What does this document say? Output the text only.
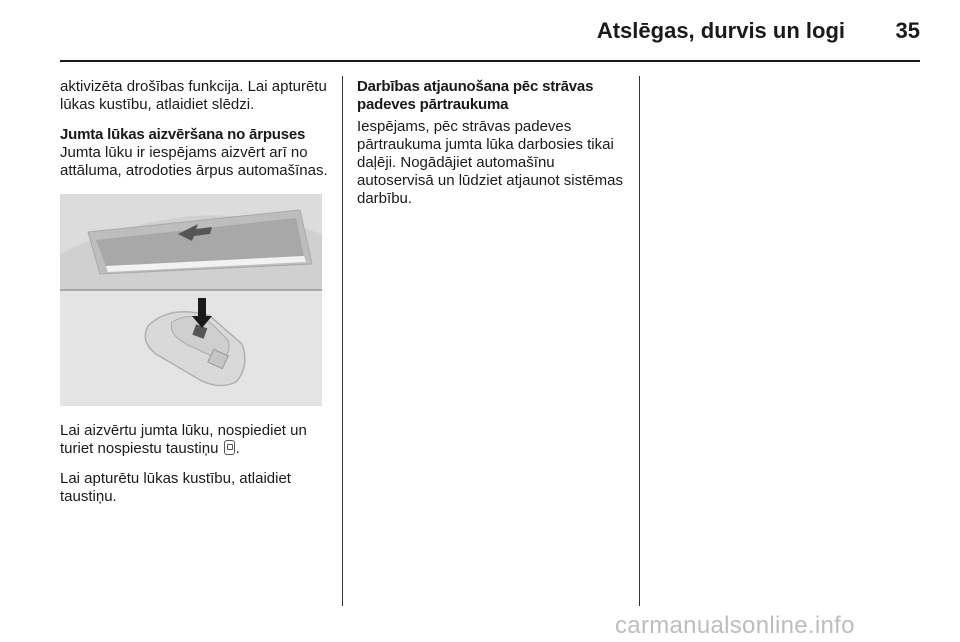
Atslēgas, durvis un logi	35

aktivizēta drošības funkcija. Lai apturētu lūkas kustību, atlaidiet slēdzi.

Jumta lūkas aizvēršana no ārpuses

Jumta lūku ir iespējams aizvērt arī no attāluma, atrodoties ārpus automašīnas.

Lai aizvērtu jumta lūku, nospiediet un turiet nospiestu taustiņu .

Lai apturētu lūkas kustību, atlaidiet taustiņu.

Darbības atjaunošana pēc strāvas padeves pārtraukuma

Iespējams, pēc strāvas padeves pārtraukuma jumta lūka darbosies tikai daļēji. Nogādājiet automašīnu autoservisā un lūdziet atjaunot sistēmas darbību.

carmanualsonline.info
